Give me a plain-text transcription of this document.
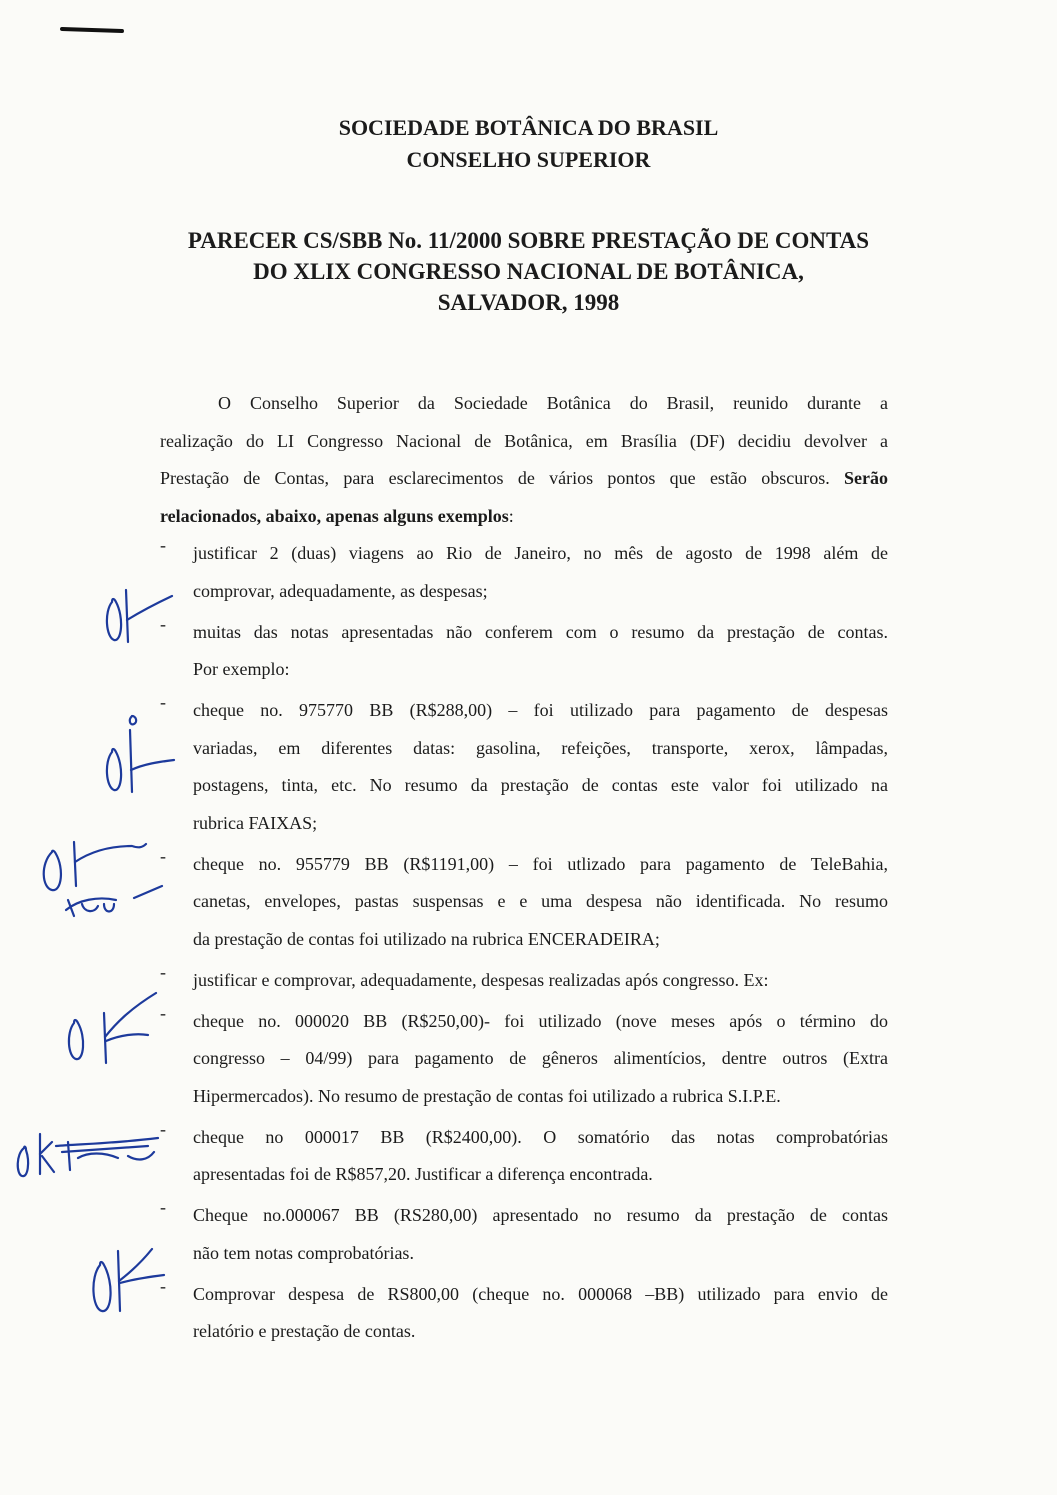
SOCIEDADE BOTÂNICA DO BRASIL
CONSELHO SUPERIOR
PARECER CS/SBB No. 11/2000 SOBRE PRESTAÇÃO DE CONTAS
DO XLIX CONGRESSO NACIONAL DE BOTÂNICA,
SALVADOR, 1998
O Conselho Superior da Sociedade Botânica do Brasil, reunido durante a
realização do LI Congresso Nacional de Botânica, em Brasília (DF) decidiu devolver a
Prestação de Contas, para esclarecimentos de vários pontos que estão obscuros. Serão
relacionados, abaixo, apenas alguns exemplos:
-	justificar 2 (duas) viagens ao Rio de Janeiro, no mês de agosto de 1998 além de
comprovar, adequadamente, as despesas;
-	muitas das notas apresentadas não conferem com o resumo da prestação de contas.
Por exemplo:
-	cheque no. 975770 BB (R$288,00) – foi utilizado para pagamento de despesas
variadas, em diferentes datas: gasolina, refeições, transporte, xerox, lâmpadas,
postagens, tinta, etc. No resumo da prestação de contas este valor foi utilizado na
rubrica FAIXAS;
-	cheque no. 955779 BB (R$1191,00) – foi utlizado para pagamento de TeleBahia,
canetas, envelopes, pastas suspensas e e uma despesa não identificada. No resumo
da prestação de contas foi utilizado na rubrica ENCERADEIRA;
-	justificar e comprovar, adequadamente, despesas realizadas após congresso. Ex:
-	cheque no. 000020 BB (R$250,00)- foi utilizado (nove meses após o término do
congresso – 04/99) para pagamento de gêneros alimentícios, dentre outros (Extra
Hipermercados). No resumo de prestação de contas foi utilizado a rubrica S.I.P.E.
-	cheque no 000017 BB (R$2400,00). O somatório das notas comprobatórias
apresentadas foi de R$857,20. Justificar a diferença encontrada.
-	Cheque no.000067 BB (RS280,00) apresentado no resumo da prestação de contas
não tem notas comprobatórias.
-	Comprovar despesa de RS800,00 (cheque no. 000068 –BB) utilizado para envio de
relatório e prestação de contas.
